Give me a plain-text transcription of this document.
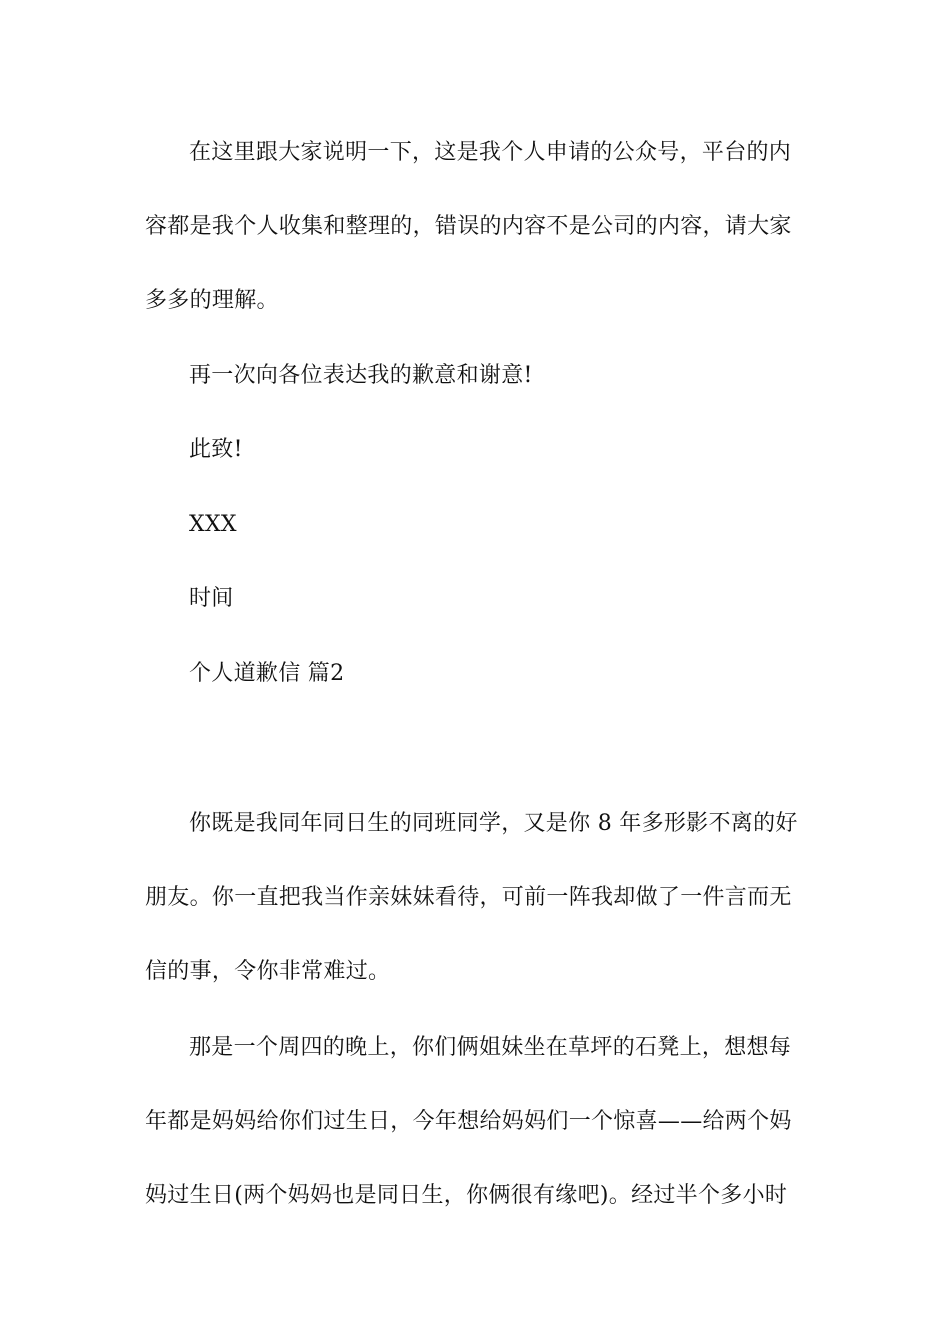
在这里跟大家说明一下，这是我个人申请的公众号，平台的内
容都是我个人收集和整理的，错误的内容不是公司的内容，请大家
多多的理解。
再一次向各位表达我的歉意和谢意!
此致!
XXX
时间
个人道歉信 篇2
你既是我同年同日生的同班同学，又是你 8 年多形影不离的好
朋友。你一直把我当作亲妹妹看待，可前一阵我却做了一件言而无
信的事，令你非常难过。
那是一个周四的晚上，你们俩姐妹坐在草坪的石凳上，想想每
年都是妈妈给你们过生日，今年想给妈妈们一个惊喜——给两个妈
妈过生日(两个妈妈也是同日生，你俩很有缘吧)。经过半个多小时
